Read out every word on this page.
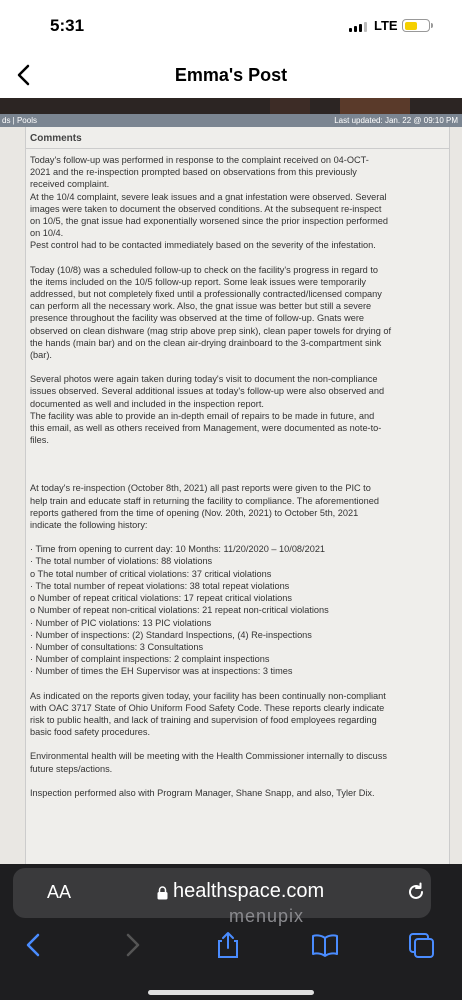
5:31	LTE
Emma's Post
ds | Pools	Last updated: Jan. 22 @ 09:10 PM
Comments
Today's follow-up was performed in response to the complaint received on 04-OCT-
2021 and the re-inspection prompted based on observations from this previously
received complaint.
At the 10/4 complaint, severe leak issues and a gnat infestation were observed. Several
images were taken to document the observed conditions. At the subsequent re-inspect
on 10/5, the gnat issue had exponentially worsened since the prior inspection performed
on 10/4.
Pest control had to be contacted immediately based on the severity of the infestation.
Today (10/8) was a scheduled follow-up to check on the facility's progress in regard to
the items included on the 10/5 follow-up report. Some leak issues were temporarily
addressed, but not completely fixed until a professionally contracted/licensed company
can perform all the necessary work. Also, the gnat issue was better but still a severe
presence throughout the facility was observed at the time of follow-up. Gnats were
observed on clean dishware (mag strip above prep sink), clean paper towels for drying of
the hands (main bar) and on the clean air-drying drainboard to the 3-compartment sink
(bar).
Several photos were again taken during today's visit to document the non-compliance
issues observed. Several additional issues at today's follow-up were also observed and
documented as well and included in the inspection report.
The facility was able to provide an in-depth email of repairs to be made in future, and
this email, as well as others received from Management, were documented as note-to-
files.
At today's re-inspection (October 8th, 2021) all past reports were given to the PIC to
help train and educate staff in returning the facility to compliance. The aforementioned
reports gathered from the time of opening (Nov. 20th, 2021) to October 5th, 2021
indicate the following history:
· Time from opening to current day: 10 Months: 11/20/2020 – 10/08/2021
· The total number of violations: 88 violations
o The total number of critical violations: 37 critical violations
· The total number of repeat violations: 38 total repeat violations
o Number of repeat critical violations: 17 repeat critical violations
o Number of repeat non-critical violations: 21 repeat non-critical violations
· Number of PIC violations: 13 PIC violations
· Number of inspections: (2) Standard Inspections, (4) Re-inspections
· Number of consultations: 3 Consultations
· Number of complaint inspections: 2 complaint inspections
· Number of times the EH Supervisor was at inspections: 3 times
As indicated on the reports given today, your facility has been continually non-compliant
with OAC 3717 State of Ohio Uniform Food Safety Code. These reports clearly indicate
risk to public health, and lack of training and supervision of food employees regarding
basic food safety procedures.
Environmental health will be meeting with the Health Commissioner internally to discuss
future steps/actions.
Inspection performed also with Program Manager, Shane Snapp, and also, Tyler Dix.
AA	healthspace.com
menupix
